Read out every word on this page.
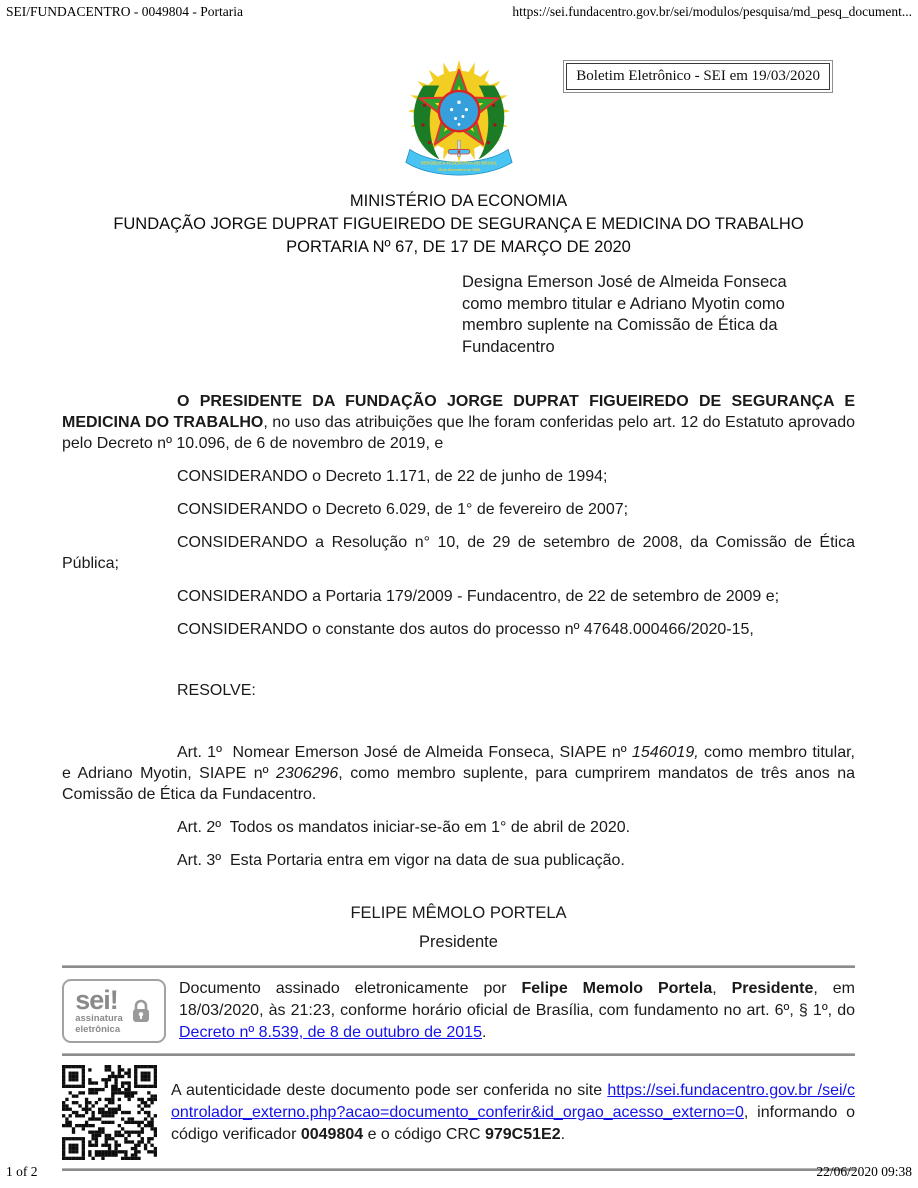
SEI/FUNDACENTRO - 0049804 - Portaria	https://sei.fundacentro.gov.br/sei/modulos/pesquisa/md_pesq_document...
REPÚBLICA FEDERATIVA DO BRASIL
15 de Novembro de 1889
Boletim Eletrônico - SEI em 19/03/2020
MINISTÉRIO DA ECONOMIA
FUNDAÇÃO JORGE DUPRAT FIGUEIREDO DE SEGURANÇA E MEDICINA DO TRABALHO
PORTARIA Nº 67, DE 17 DE MARÇO DE 2020
Designa Emerson José de Almeida Fonseca como membro titular e Adriano Myotin como membro suplente na Comissão de Ética da Fundacentro

O PRESIDENTE DA FUNDAÇÃO JORGE DUPRAT FIGUEIREDO DE SEGURANÇA E MEDICINA DO TRABALHO, no uso das atribuições que lhe foram conferidas pelo art. 12 do Estatuto aprovado pelo Decreto nº 10.096, de 6 de novembro de 2019, e

CONSIDERANDO o Decreto 1.171, de 22 de junho de 1994;

CONSIDERANDO o Decreto 6.029, de 1° de fevereiro de 2007;

CONSIDERANDO a Resolução n° 10, de 29 de setembro de 2008, da Comissão de Ética Pública;

CONSIDERANDO a Portaria 179/2009 - Fundacentro, de 22 de setembro de 2009 e;

CONSIDERANDO o constante dos autos do processo nº 47648.000466/2020-15,

RESOLVE:

Art. 1º  Nomear Emerson José de Almeida Fonseca, SIAPE nº 1546019, como membro titular, e Adriano Myotin, SIAPE nº 2306296, como membro suplente, para cumprirem mandatos de três anos na Comissão de Ética da Fundacentro.

Art. 2º  Todos os mandatos iniciar-se-ão em 1° de abril de 2020.

Art. 3º  Esta Portaria entra em vigor na data de sua publicação.

FELIPE MÊMOLO PORTELA
Presidente
sei!
assinatura
eletrônica
Documento assinado eletronicamente por Felipe Memolo Portela, Presidente, em 18/03/2020, às 21:23, conforme horário oficial de Brasília, com fundamento no art. 6º, § 1º, do Decreto nº 8.539, de 8 de outubro de 2015.
A autenticidade deste documento pode ser conferida no site https://sei.fundacentro.gov.br /sei/controlador_externo.php?acao=documento_conferir&id_orgao_acesso_externo=0, informando o código verificador 0049804 e o código CRC 979C51E2.
1 of 2	22/06/2020 09:38
